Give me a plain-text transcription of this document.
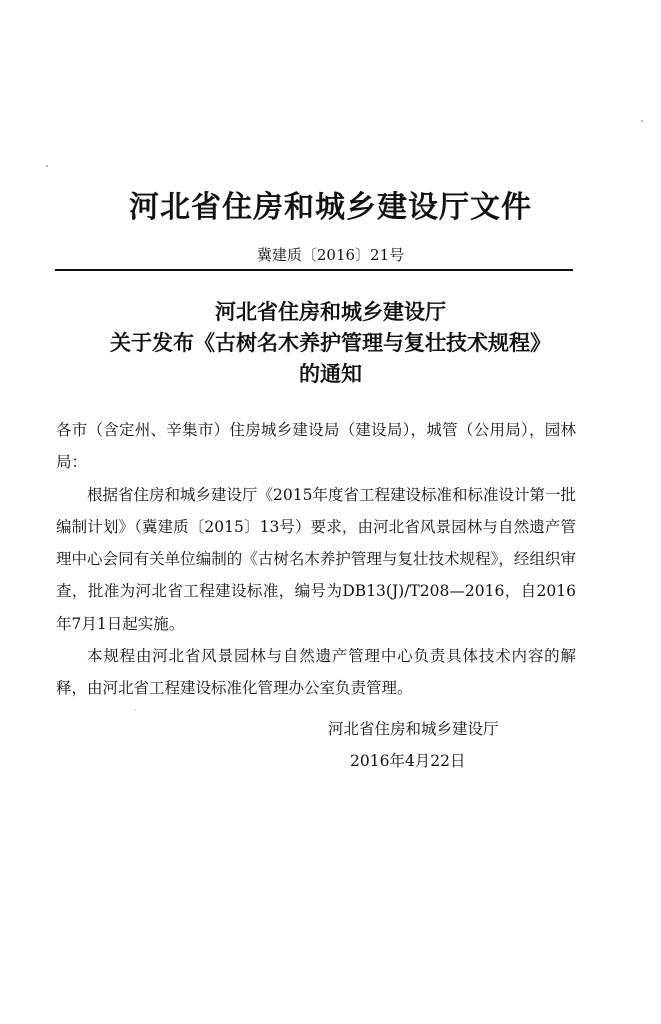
河北省住房和城乡建设厅文件
冀建质〔2016〕21号
河北省住房和城乡建设厅
关于发布《古树名木养护管理与复壮技术规程》
的通知

各市（含定州、辛集市）住房城乡建设局（建设局），城管（公用局），园林局：

根据省住房和城乡建设厅《2015年度省工程建设标准和标准设计第一批编制计划》（冀建质〔2015〕13号）要求，由河北省风景园林与自然遗产管理中心会同有关单位编制的《古树名木养护管理与复壮技术规程》，经组织审查，批准为河北省工程建设标准，编号为DB13(J)/T208—2016，自2016年7月1日起实施。

本规程由河北省风景园林与自然遗产管理中心负责具体技术内容的解释，由河北省工程建设标准化管理办公室负责管理。

河北省住房和城乡建设厅
2016年4月22日
